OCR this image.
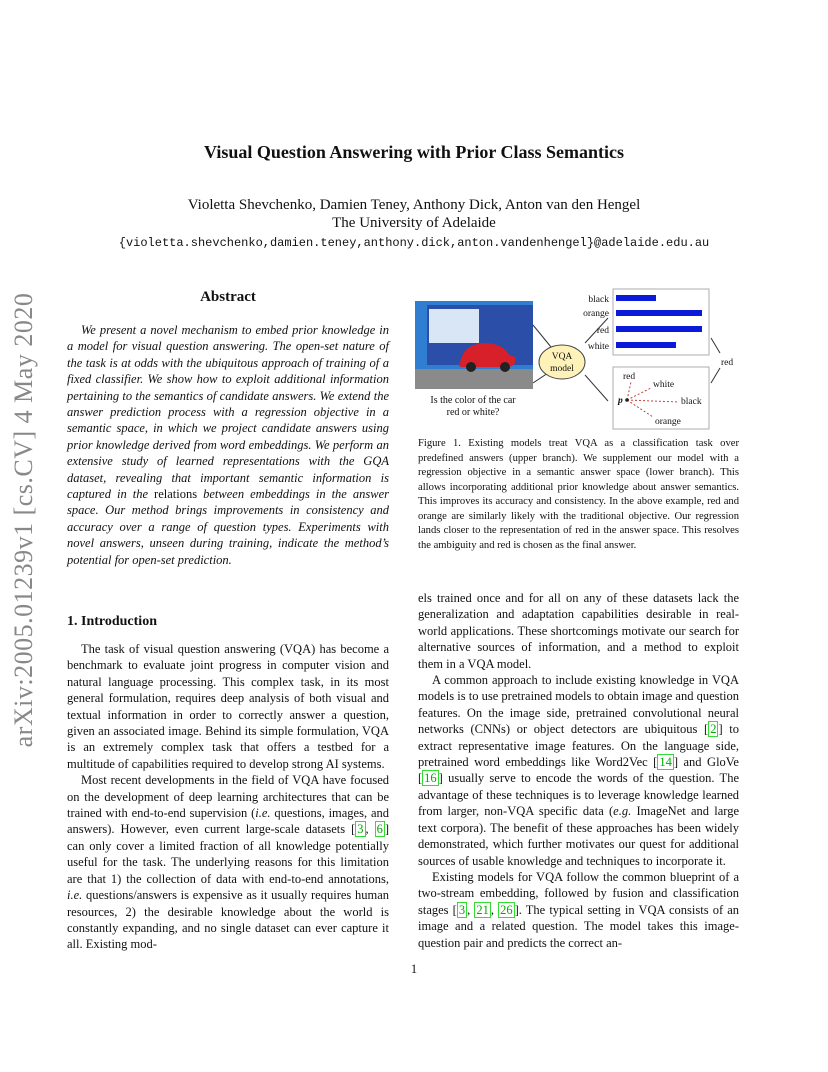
Visual Question Answering with Prior Class Semantics
Violetta Shevchenko, Damien Teney, Anthony Dick, Anton van den Hengel
The University of Adelaide
{violetta.shevchenko,damien.teney,anthony.dick,anton.vandenhengel}@adelaide.edu.au
arXiv:2005.01239v1 [cs.CV] 4 May 2020	Abstract
We present a novel mechanism to embed prior knowledge in a model for visual question answering. The open-set nature of the task is at odds with the ubiquitous approach of training of a fixed classifier. We show how to exploit additional information pertaining to the semantics of candidate answers. We extend the answer prediction process with a regression objective in a semantic space, in which we project candidate answers using prior knowledge derived from word embeddings. We perform an extensive study of learned representations with the GQA dataset, revealing that important semantic information is captured in the relations between embeddings in the answer space. Our method brings improvements in consistency and accuracy over a range of question types. Experiments with novel answers, unseen during training, indicate the method’s potential for open-set prediction.
VQA
model
black
orange
red
white
red
p
red
white
black
orange
Is the color of the car
red or white?
Figure 1. Existing models treat VQA as a classification task over predefined answers (upper branch). We supplement our model with a regression objective in a semantic answer space (lower branch). This allows incorporating additional prior knowledge about answer semantics. This improves its accuracy and consistency. In the above example, red and orange are similarly likely with the traditional objective. Our regression lands closer to the representation of red in the answer space. This resolves the ambiguity and red is chosen as the final answer.
1. Introduction

The task of visual question answering (VQA) has become a benchmark to evaluate joint progress in computer vision and natural language processing. This complex task, in its most general formulation, requires deep analysis of both visual and textual information in order to correctly answer a question, given an associated image. Behind its simple formulation, VQA is an extremely complex task that offers a testbed for a multitude of capabilities required to develop strong AI systems.

Most recent developments in the field of VQA have focused on the development of deep learning architectures that can be trained with end-to-end supervision (i.e. questions, images, and answers). However, even current large-scale datasets [ 3 , 6 ] can only cover a limited fraction of all knowledge potentially useful for the task. The underlying reasons for this limitation are that 1) the collection of data with end-to-end annotations, i.e. questions/answers is expensive as it usually requires human resources, 2) the desirable knowledge about the world is constantly expanding, and no single dataset can ever capture it all. Existing mod-

els trained once and for all on any of these datasets lack the generalization and adaptation capabilities desirable in real-world applications. These shortcomings motivate our search for alternative sources of information, and a method to exploit them in a VQA model.

A common approach to include existing knowledge in VQA models is to use pretrained models to obtain image and question features. On the image side, pretrained convolutional neural networks (CNNs) or object detectors are ubiquitous [ 2 ] to extract representative image features. On the language side, pretrained word embeddings like Word2Vec [ 14 ] and GloVe [ 16 ] usually serve to encode the words of the question. The advantage of these techniques is to leverage knowledge learned from larger, non-VQA specific data (e.g. ImageNet and large text corpora). The benefit of these approaches has been widely demonstrated, which further motivates our quest for additional sources of usable knowledge and techniques to incorporate it.

Existing models for VQA follow the common blueprint of a two-stream embedding, followed by fusion and classification stages [ 3 , 21 , 26 ]. The typical setting in VQA consists of an image and a related question. The model takes this image-question pair and predicts the correct an-

1
